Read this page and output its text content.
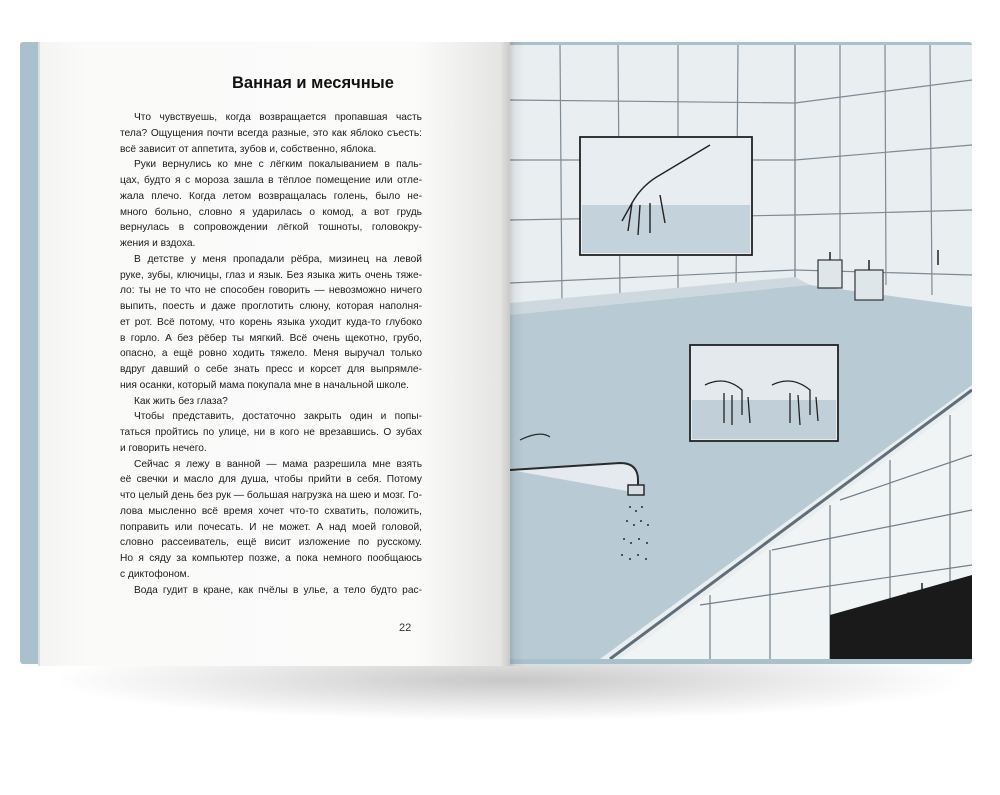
Ванная и месячные
Что чувствуешь, когда возвращается пропавшая часть
тела? Ощущения почти всегда разные, это как яблоко съесть:
всё зависит от аппетита, зубов и, собственно, яблока.
Руки вернулись ко мне с лёгким покалыванием в паль-
цах, будто я с мороза зашла в тёплое помещение или отле-
жала плечо. Когда летом возвращалась голень, было не-
много больно, словно я ударилась о комод, а вот грудь
вернулась в сопровождении лёгкой тошноты, головокру-
жения и вздоха.
В детстве у меня пропадали рёбра, мизинец на левой
руке, зубы, ключицы, глаз и язык. Без языка жить очень тяже-
ло: ты не то что не способен говорить — невозможно ничего
выпить, поесть и даже проглотить слюну, которая наполня-
ет рот. Всё потому, что корень языка уходит куда-то глубоко
в горло. А без рёбер ты мягкий. Всё очень щекотно, грубо,
опасно, а ещё ровно ходить тяжело. Меня выручал только
вдруг давший о себе знать пресс и корсет для выпрямле-
ния осанки, который мама покупала мне в начальной школе.
Как жить без глаза?
Чтобы представить, достаточно закрыть один и попы-
таться пройтись по улице, ни в кого не врезавшись. О зубах
и говорить нечего.
Сейчас я лежу в ванной — мама разрешила мне взять
её свечки и масло для душа, чтобы прийти в себя. Потому
что целый день без рук — большая нагрузка на шею и мозг. Го-
лова мысленно всё время хочет что-то схватить, положить,
поправить или почесать. И не может. А над моей головой,
словно рассеиватель, ещё висит изложение по русскому.
Но я сяду за компьютер позже, а пока немного пообщаюсь
с диктофоном.
Вода гудит в кране, как пчёлы в улье, а тело будто рас-
22
